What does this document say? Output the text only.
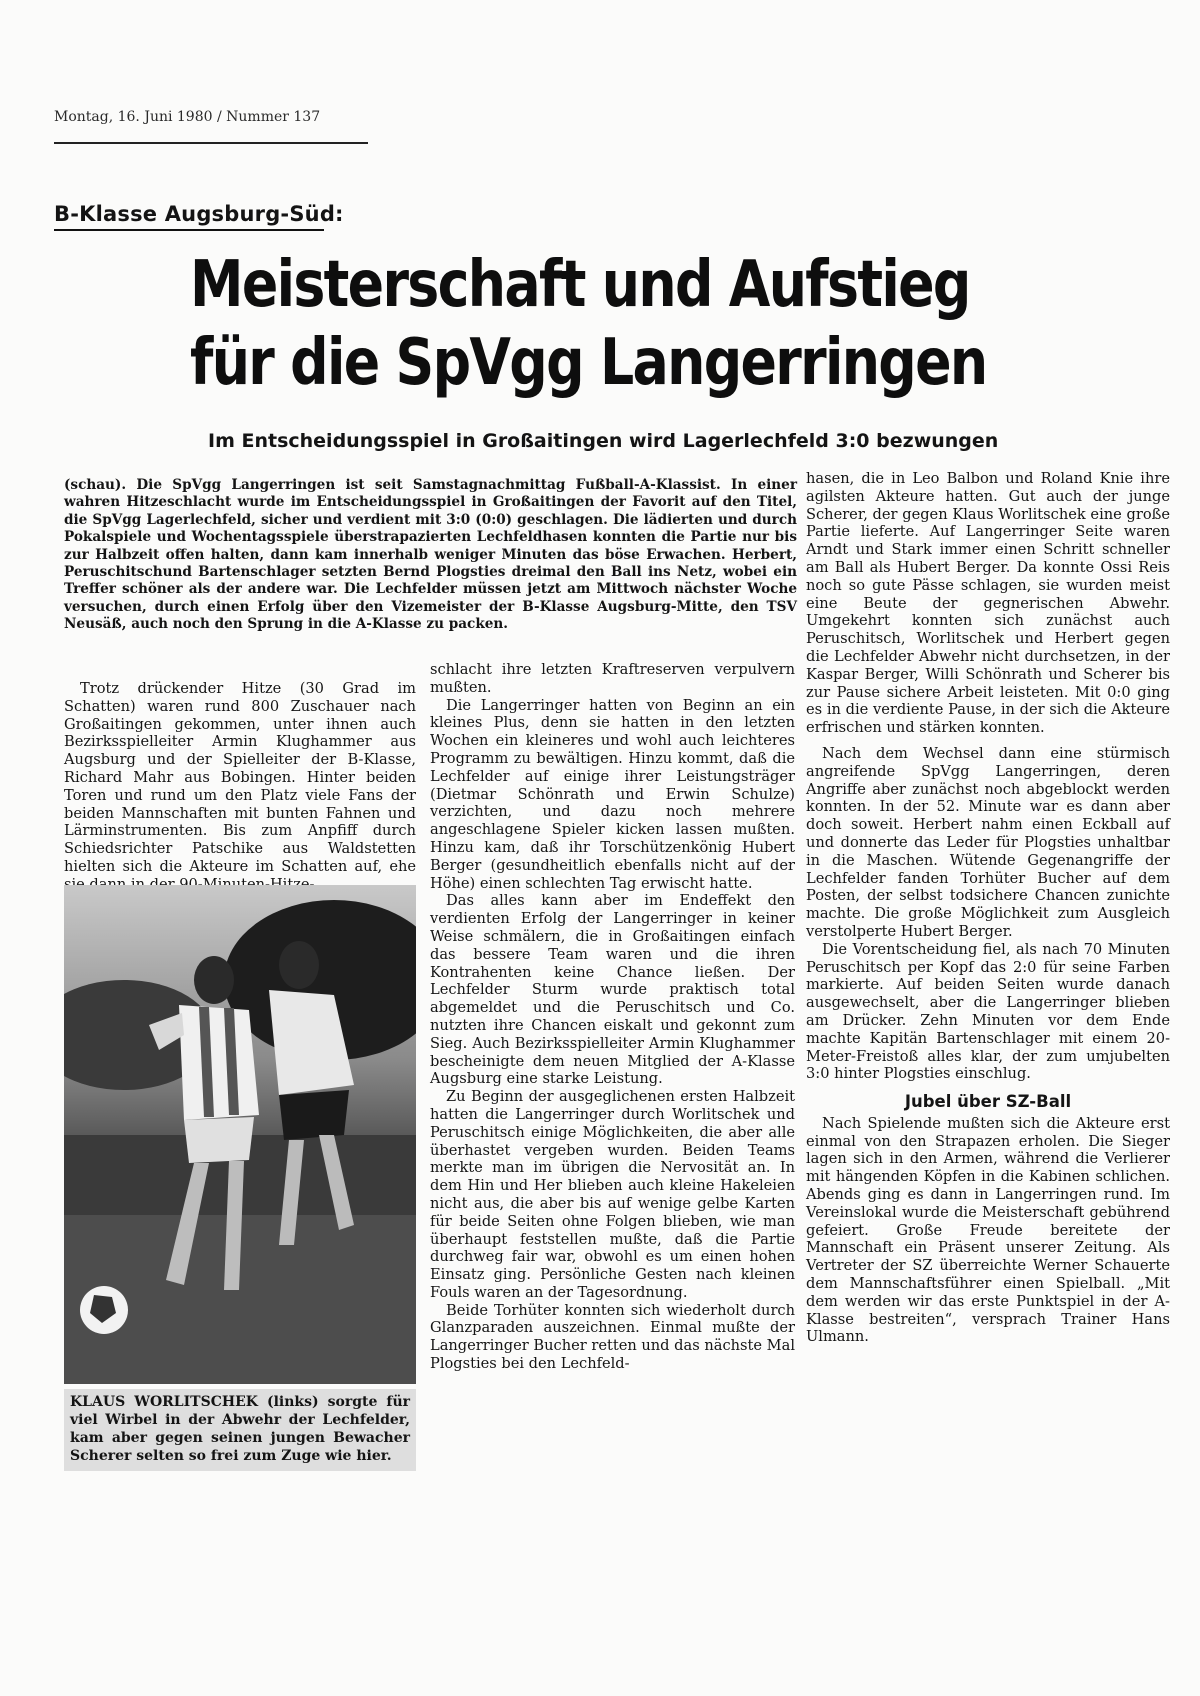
Montag, 16. Juni 1980 / Nummer 137
B-Klasse Augsburg-Süd:
Meisterschaft und Aufstieg
für die SpVgg Langerringen
Im Entscheidungsspiel in Großaitingen wird Lagerlechfeld 3:0 bezwungen
(schau). Die SpVgg Langerringen ist seit Samstagnachmittag Fußball-A-Klassist. In einer wahren Hitzeschlacht wurde im Entscheidungsspiel in Großaitingen der Favorit auf den Titel, die SpVgg Lagerlechfeld, sicher und verdient mit 3:0 (0:0) geschlagen. Die lädierten und durch Pokalspiele und Wochentagsspiele überstrapazierten Lechfeldhasen konnten die Partie nur bis zur Halbzeit offen halten, dann kam innerhalb weniger Minuten das böse Erwachen. Herbert, Peruschitschund Bartenschlager setzten Bernd Plogsties dreimal den Ball ins Netz, wobei ein Treffer schöner als der andere war. Die Lechfelder müssen jetzt am Mittwoch nächster Woche versuchen, durch einen Erfolg über den Vizemeister der B-Klasse Augsburg-Mitte, den TSV Neusäß, auch noch den Sprung in die A-Klasse zu packen.

Trotz drückender Hitze (30 Grad im Schatten) waren rund 800 Zuschauer nach Großaitingen gekommen, unter ihnen auch Bezirksspielleiter Armin Klughammer aus Augsburg und der Spielleiter der B-Klasse, Richard Mahr aus Bobingen. Hinter beiden Toren und rund um den Platz viele Fans der beiden Mannschaften mit bunten Fahnen und Lärminstrumenten. Bis zum Anpfiff durch Schiedsrichter Patschike aus Waldstetten hielten sich die Akteure im Schatten auf, ehe

KLAUS WORLITSCHEK (links) sorgte für viel Wirbel in der Abwehr der Lechfelder, kam aber gegen seinen jungen Bewacher Scherer selten so frei zum Zuge wie hier.

schlacht ihre letzten Kraftreserven verpulvern mußten.

Die Langerringer hatten von Beginn an ein kleines Plus, denn sie hatten in den letzten Wochen ein kleineres und wohl auch leichteres Programm zu bewältigen. Hinzu kommt, daß die Lechfelder auf einige ihrer Leistungsträger (Dietmar Schönrath und Erwin Schulze) verzichten, und dazu noch mehrere angeschlagene Spieler kicken lassen mußten. Hinzu kam, daß ihr Torschützenkönig Hubert Berger (gesundheitlich ebenfalls nicht auf der Höhe) einen schlechten Tag erwischt hatte.

Das alles kann aber im Endeffekt den verdienten Erfolg der Langerringer in keiner Weise schmälern, die in Großaitingen einfach das bessere Team waren und die ihren Kontrahenten keine Chance ließen. Der Lechfelder Sturm wurde praktisch total abgemeldet und die Peruschitsch und Co. nutzten ihre Chancen eiskalt und gekonnt zum Sieg. Auch Bezirksspielleiter Armin Klughammer bescheinigte dem neuen Mitglied der A-Klasse Augsburg eine starke Leistung.

Zu Beginn der ausgeglichenen ersten Halbzeit hatten die Langerringer durch Worlitschek und Peruschitsch einige Möglichkeiten, die aber alle überhastet vergeben wurden. Beiden Teams merkte man im übrigen die Nervosität an. In dem Hin und Her blieben auch kleine Hakeleien nicht aus, die aber bis auf wenige gelbe Karten für beide Seiten ohne Folgen blieben, wie man überhaupt feststellen mußte, daß die Partie durchweg fair war, obwohl es um einen hohen Einsatz ging. Persönliche Gesten nach kleinen Fouls waren an der Tagesordnung.

Beide Torhüter konnten sich wiederholt durch Glanzparaden auszeichnen. Einmal mußte der Langerringer Bucher retten und das nächste Mal Plogsties bei den Lechfeld-

hasen, die in Leo Balbon und Roland Knie ihre agilsten Akteure hatten. Gut auch der junge Scherer, der gegen Klaus Worlitschek eine große Partie lieferte. Auf Langerringer Seite waren Arndt und Stark immer einen Schritt schneller am Ball als Hubert Berger. Da konnte Ossi Reis noch so gute Pässe schlagen, sie wurden meist eine Beute der gegnerischen Abwehr. Umgekehrt konnten sich zunächst auch Peruschitsch, Worlitschek und Herbert gegen die Lechfelder Abwehr nicht durchsetzen, in der Kaspar Berger, Willi Schönrath und Scherer bis zur Pause sichere Arbeit leisteten. Mit 0:0 ging es in die verdiente Pause, in der sich die Akteure erfrischen und stärken konnten.

Nach dem Wechsel dann eine stürmisch angreifende SpVgg Langerringen, deren Angriffe aber zunächst noch abgeblockt werden konnten. In der 52. Minute war es dann aber doch soweit. Herbert nahm einen Eckball auf und donnerte das Leder für Plogsties unhaltbar in die Maschen. Wütende Gegenangriffe der Lechfelder fanden Torhüter Bucher auf dem Posten, der selbst todsichere Chancen zunichte machte. Die große Möglichkeit zum Ausgleich verstolperte Hubert Berger.

Die Vorentscheidung fiel, als nach 70 Minuten Peruschitsch per Kopf das 2:0 für seine Farben markierte. Auf beiden Seiten wurde danach ausgewechselt, aber die Langerringer blieben am Drücker. Zehn Minuten vor dem Ende machte Kapitän Bartenschlager mit einem 20-Meter-Freistoß alles klar, der zum umjubelten 3:0 hinter Plogsties einschlug.

Jubel über SZ-Ball

Nach Spielende mußten sich die Akteure erst einmal von den Strapazen erholen. Die Sieger lagen sich in den Armen, während die Verlierer mit hängenden Köpfen in die Kabinen schlichen. Abends ging es dann in Langerringen rund. Im Vereinslokal wurde die Meisterschaft gebührend gefeiert. Große Freude bereitete der Mannschaft ein Präsent unserer Zeitung. Als Vertreter der SZ überreichte Werner Schauerte dem Mannschaftsführer einen Spielball. „Mit dem werden wir das erste Punktspiel in der A-Klasse bestreiten“, versprach Trainer Hans Ulmann.
